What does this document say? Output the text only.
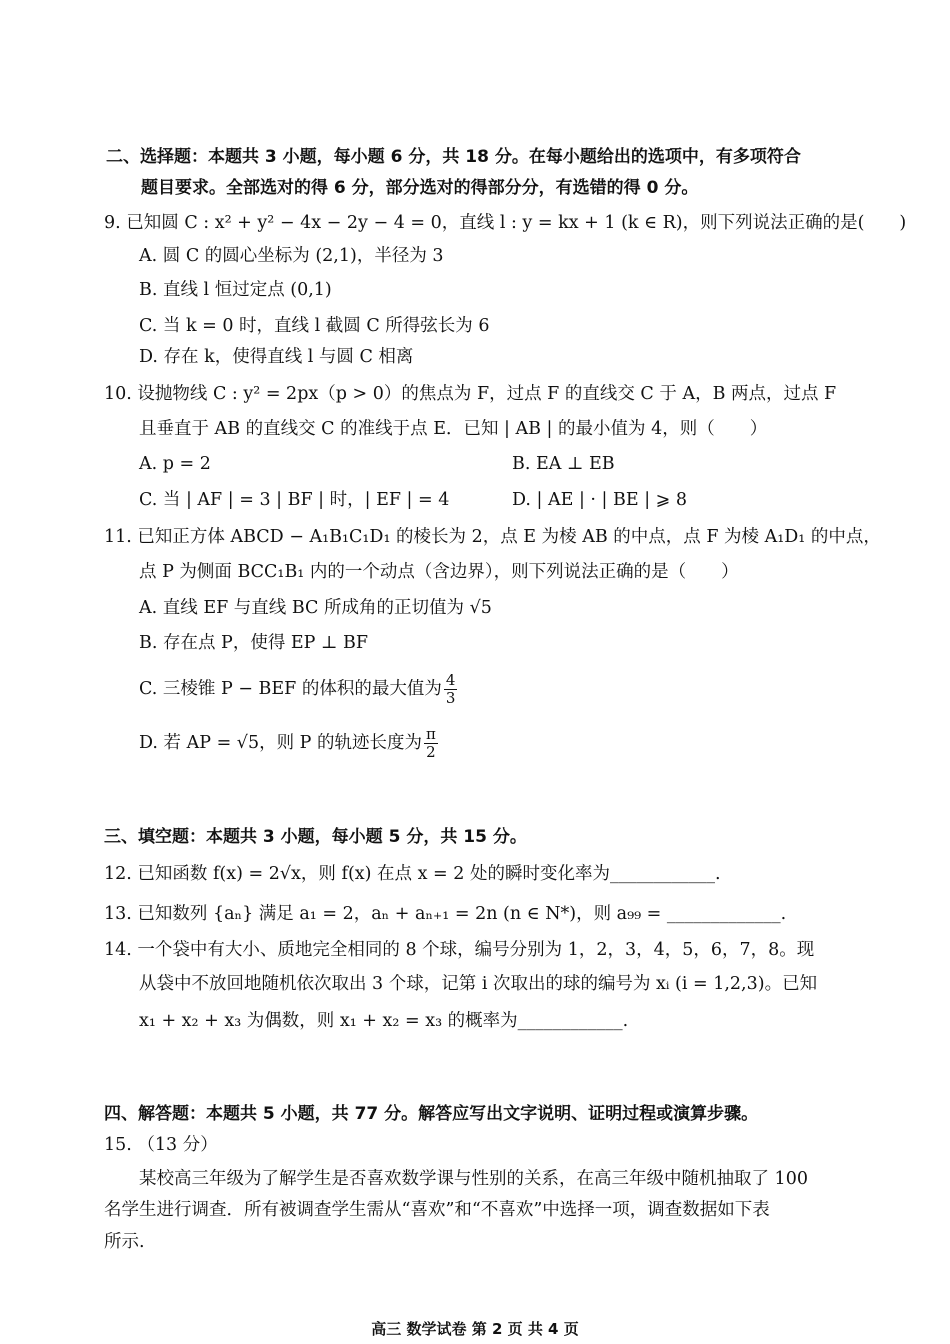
二、选择题：本题共 3 小题，每小题 6 分，共 18 分。在每小题给出的选项中，有多项符合
题目要求。全部选对的得 6 分，部分选对的得部分分，有选错的得 0 分。
9. 已知圆 C : x² + y² − 4x − 2y − 4 = 0，直线 l : y = kx + 1 (k ∈ R)，则下列说法正确的是(　　)
A. 圆 C 的圆心坐标为 (2,1)，半径为 3
B. 直线 l 恒过定点 (0,1)
C. 当 k = 0 时，直线 l 截圆 C 所得弦长为 6
D. 存在 k，使得直线 l 与圆 C 相离
10. 设抛物线 C : y² = 2px（p > 0）的焦点为 F，过点 F 的直线交 C 于 A，B 两点，过点 F
且垂直于 AB 的直线交 C 的准线于点 E．已知 | AB | 的最小值为 4，则（　　）
A. p = 2	B. EA ⊥ EB
C. 当 | AF | = 3 | BF | 时，| EF | = 4	D. | AE | · | BE | ⩾ 8
11. 已知正方体 ABCD − A₁B₁C₁D₁ 的棱长为 2，点 E 为棱 AB 的中点，点 F 为棱 A₁D₁ 的中点，
点 P 为侧面 BCC₁B₁ 内的一个动点（含边界），则下列说法正确的是（　　）
A. 直线 EF 与直线 BC 所成角的正切值为 √5
B. 存在点 P，使得 EP ⊥ BF
C. 三棱锥 P − BEF 的体积的最大值为 $\frac{4}{3}$
D. 若 AP = √5，则 P 的轨迹长度为 $\frac{\pi}{2}$
三、填空题：本题共 3 小题，每小题 5 分，共 15 分。
12. 已知函数 f(x) = 2√x，则 f(x) 在点 x = 2 处的瞬时变化率为____________.
13. 已知数列 {aₙ} 满足 a₁ = 2，aₙ + aₙ₊₁ = 2n (n ∈ N*)，则 a₉₉ = _____________.
14. 一个袋中有大小、质地完全相同的 8 个球，编号分别为 1，2，3，4，5，6，7，8。现
从袋中不放回地随机依次取出 3 个球，记第 i 次取出的球的编号为 xᵢ (i = 1,2,3)。已知
x₁ + x₂ + x₃ 为偶数，则 x₁ + x₂ = x₃ 的概率为____________.
四、解答题：本题共 5 小题，共 77 分。解答应写出文字说明、证明过程或演算步骤。
15. （13 分）
某校高三年级为了解学生是否喜欢数学课与性别的关系，在高三年级中随机抽取了 100
名学生进行调查．所有被调查学生需从“喜欢”和“不喜欢”中选择一项，调查数据如下表
所示.
高三 数学试卷 第 2 页 共 4 页
